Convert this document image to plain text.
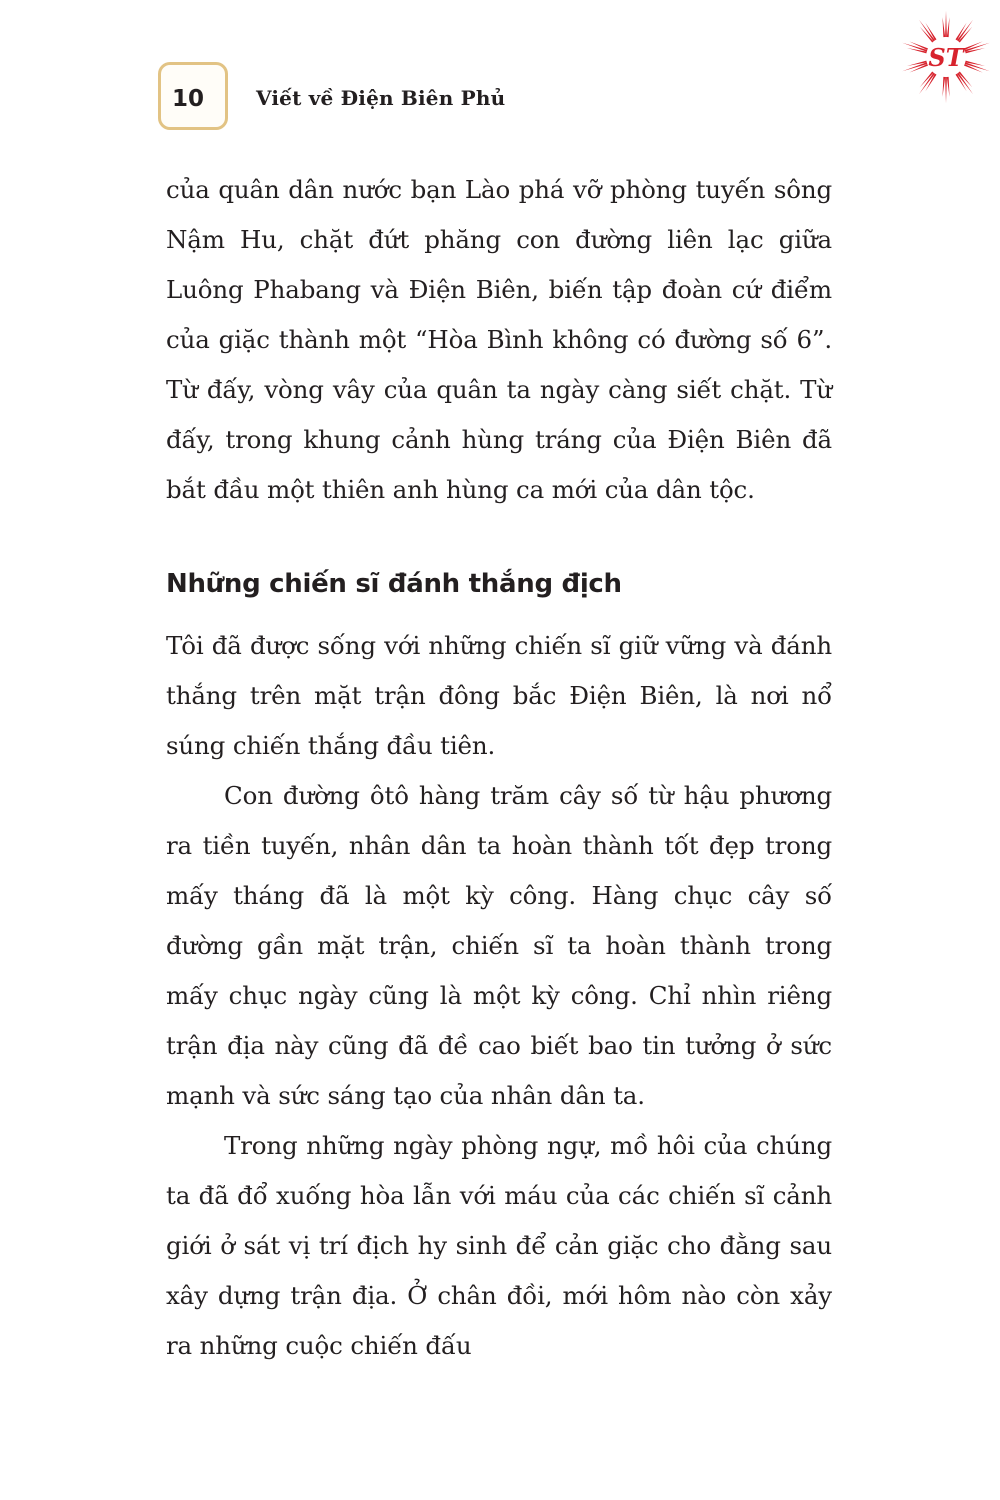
ST
10	Viết về Điện Biên Phủ

của quân dân nước bạn Lào phá vỡ phòng tuyến sông Nậm Hu, chặt đứt phăng con đường liên lạc giữa Luông Phabang và Điện Biên, biến tập đoàn cứ điểm của giặc thành một “Hòa Bình không có đường số 6”. Từ đấy, vòng vây của quân ta ngày càng siết chặt. Từ đấy, trong khung cảnh hùng tráng của Điện Biên đã bắt đầu một thiên anh hùng ca mới của dân tộc.

Những chiến sĩ đánh thắng địch

Tôi đã được sống với những chiến sĩ giữ vững và đánh thắng trên mặt trận đông bắc Điện Biên, là nơi nổ súng chiến thắng đầu tiên.

Con đường ôtô hàng trăm cây số từ hậu phương ra tiền tuyến, nhân dân ta hoàn thành tốt đẹp trong mấy tháng đã là một kỳ công. Hàng chục cây số đường gần mặt trận, chiến sĩ ta hoàn thành trong mấy chục ngày cũng là một kỳ công. Chỉ nhìn riêng trận địa này cũng đã đề cao biết bao tin tưởng ở sức mạnh và sức sáng tạo của nhân dân ta.

Trong những ngày phòng ngự, mồ hôi của chúng ta đã đổ xuống hòa lẫn với máu của các chiến sĩ cảnh giới ở sát vị trí địch hy sinh để cản giặc cho đằng sau xây dựng trận địa. Ở chân đồi, mới hôm nào còn xảy ra những cuộc chiến đấu
